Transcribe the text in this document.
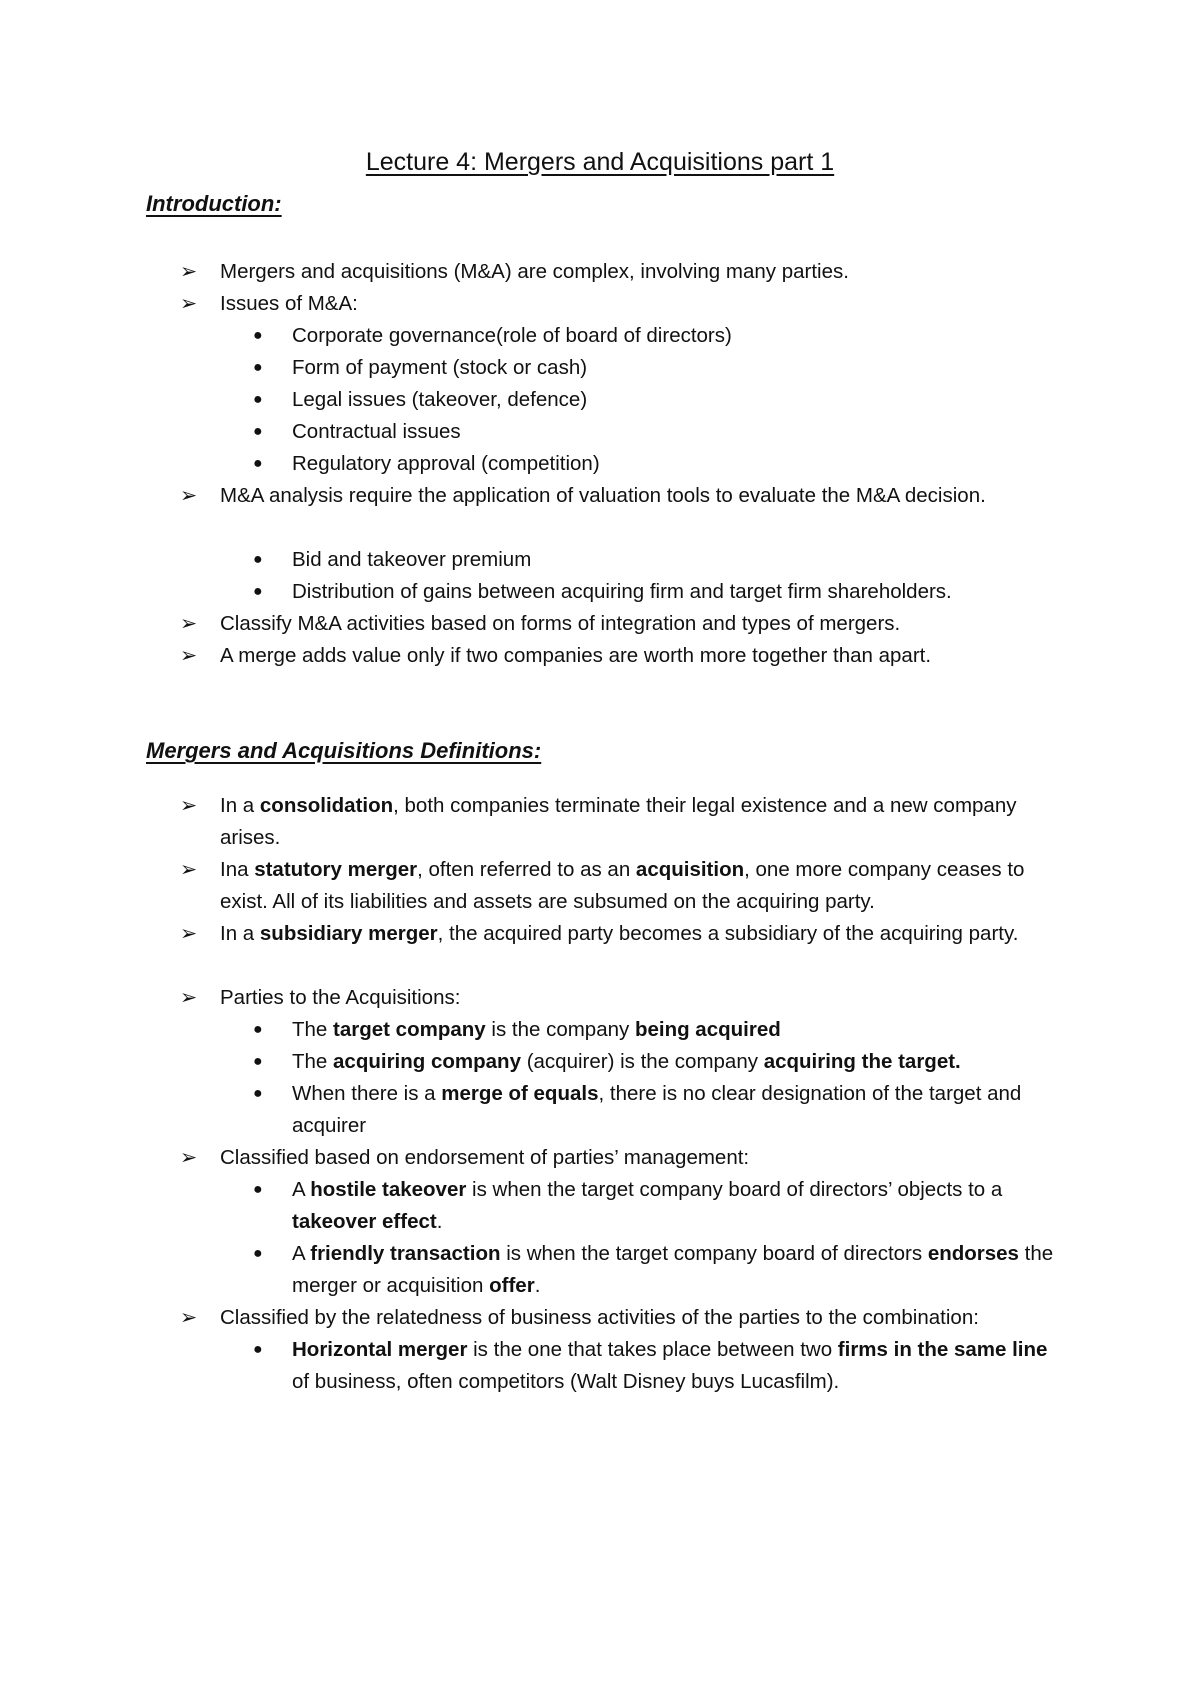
Lecture 4: Mergers and Acquisitions part 1
Introduction:
➢ Mergers and acquisitions (M&A) are complex, involving many parties.
➢ Issues of M&A:
● Corporate governance(role of board of directors)
● Form of payment (stock or cash)
● Legal issues (takeover, defence)
● Contractual issues
● Regulatory approval (competition)
➢ M&A analysis require the application of valuation tools to evaluate the M&A decision.
● Bid and takeover premium
● Distribution of gains between acquiring firm and target firm shareholders.
➢ Classify M&A activities based on forms of integration and types of mergers.
➢ A merge adds value only if two companies are worth more together than apart.
Mergers and Acquisitions Definitions:
➢ In a consolidation, both companies terminate their legal existence and a new company arises.
➢ Ina statutory merger, often referred to as an acquisition, one more company ceases to exist. All of its liabilities and assets are subsumed on the acquiring party.
➢ In a subsidiary merger, the acquired party becomes a subsidiary of the acquiring party.
➢ Parties to the Acquisitions:
● The target company is the company being acquired
● The acquiring company (acquirer) is the company acquiring the target.
● When there is a merge of equals, there is no clear designation of the target and acquirer
➢ Classified based on endorsement of parties’ management:
● A hostile takeover is when the target company board of directors’ objects to a takeover effect.
● A friendly transaction is when the target company board of directors endorses the merger or acquisition offer.
➢ Classified by the relatedness of business activities of the parties to the combination:
● Horizontal merger is the one that takes place between two firms in the same line of business, often competitors (Walt Disney buys Lucasfilm).
